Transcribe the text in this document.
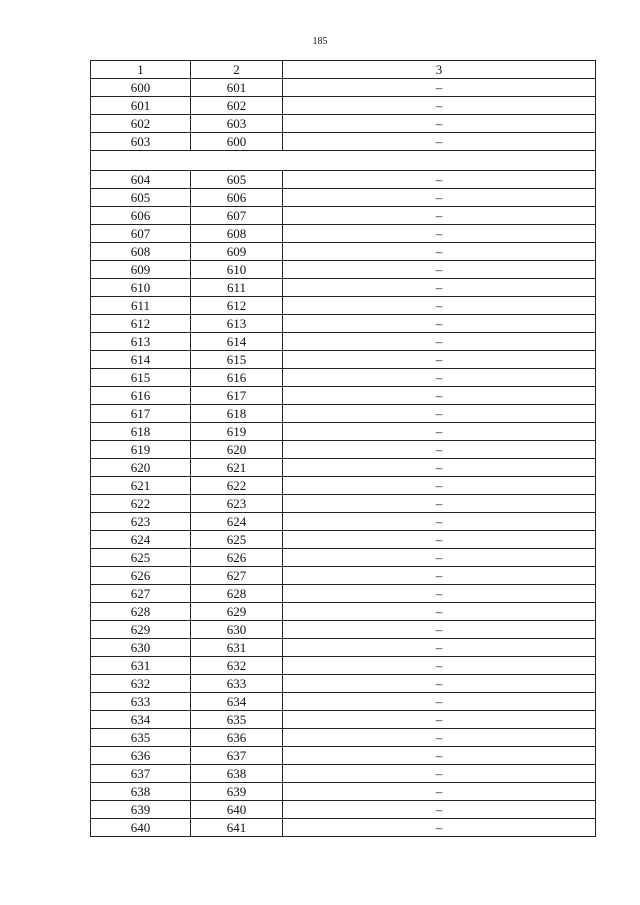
185
1	2	3
600	601	–
601	602	–
602	603	–
603	600	–

604	605	–
605	606	–
606	607	–
607	608	–
608	609	–
609	610	–
610	611	–
611	612	–
612	613	–
613	614	–
614	615	–
615	616	–
616	617	–
617	618	–
618	619	–
619	620	–
620	621	–
621	622	–
622	623	–
623	624	–
624	625	–
625	626	–
626	627	–
627	628	–
628	629	–
629	630	–
630	631	–
631	632	–
632	633	–
633	634	–
634	635	–
635	636	–
636	637	–
637	638	–
638	639	–
639	640	–
640	641	–
